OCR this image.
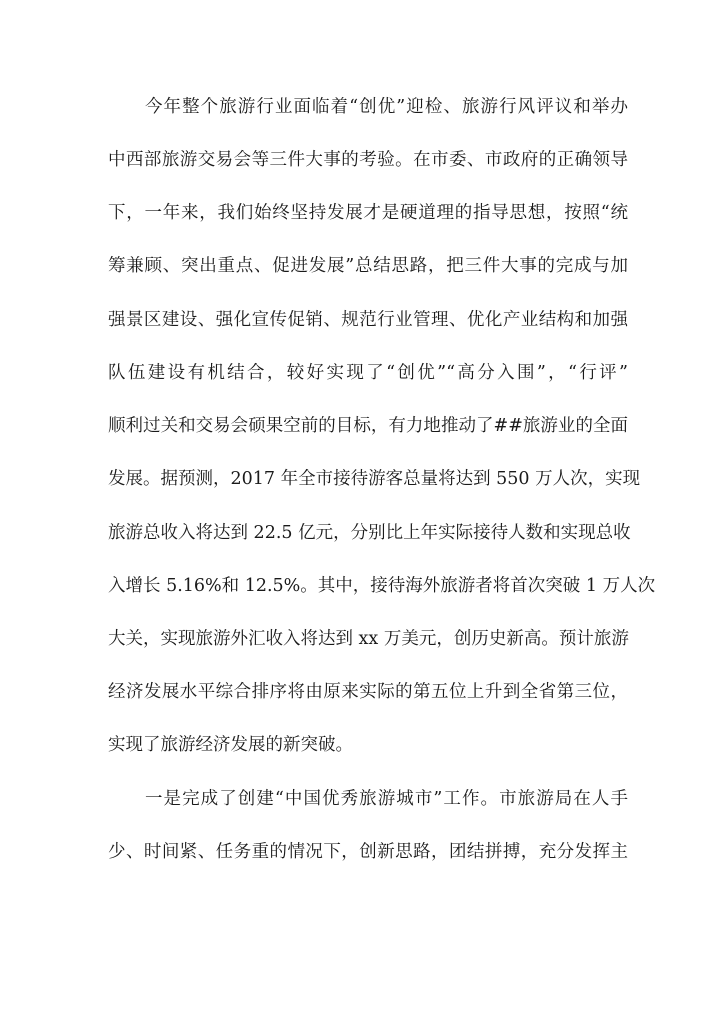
今年整个旅游行业面临着“创优”迎检、旅游行风评议和举办
中西部旅游交易会等三件大事的考验。在市委、市政府的正确领导
下，一年来，我们始终坚持发展才是硬道理的指导思想，按照“统
筹兼顾、突出重点、促进发展”总结思路，把三件大事的完成与加
强景区建设、强化宣传促销、规范行业管理、优化产业结构和加强
队伍建设有机结合，较好实现了“创优”“高分入围”，“行评”
顺利过关和交易会硕果空前的目标，有力地推动了##旅游业的全面
发展。据预测，2017 年全市接待游客总量将达到 550 万人次，实现
旅游总收入将达到 22.5 亿元，分别比上年实际接待人数和实现总收
入增长 5.16%和 12.5%。其中，接待海外旅游者将首次突破 1 万人次
大关，实现旅游外汇收入将达到 xx 万美元，创历史新高。预计旅游
经济发展水平综合排序将由原来实际的第五位上升到全省第三位，
实现了旅游经济发展的新突破。
一是完成了创建“中国优秀旅游城市”工作。市旅游局在人手
少、时间紧、任务重的情况下，创新思路，团结拼搏，充分发挥主
